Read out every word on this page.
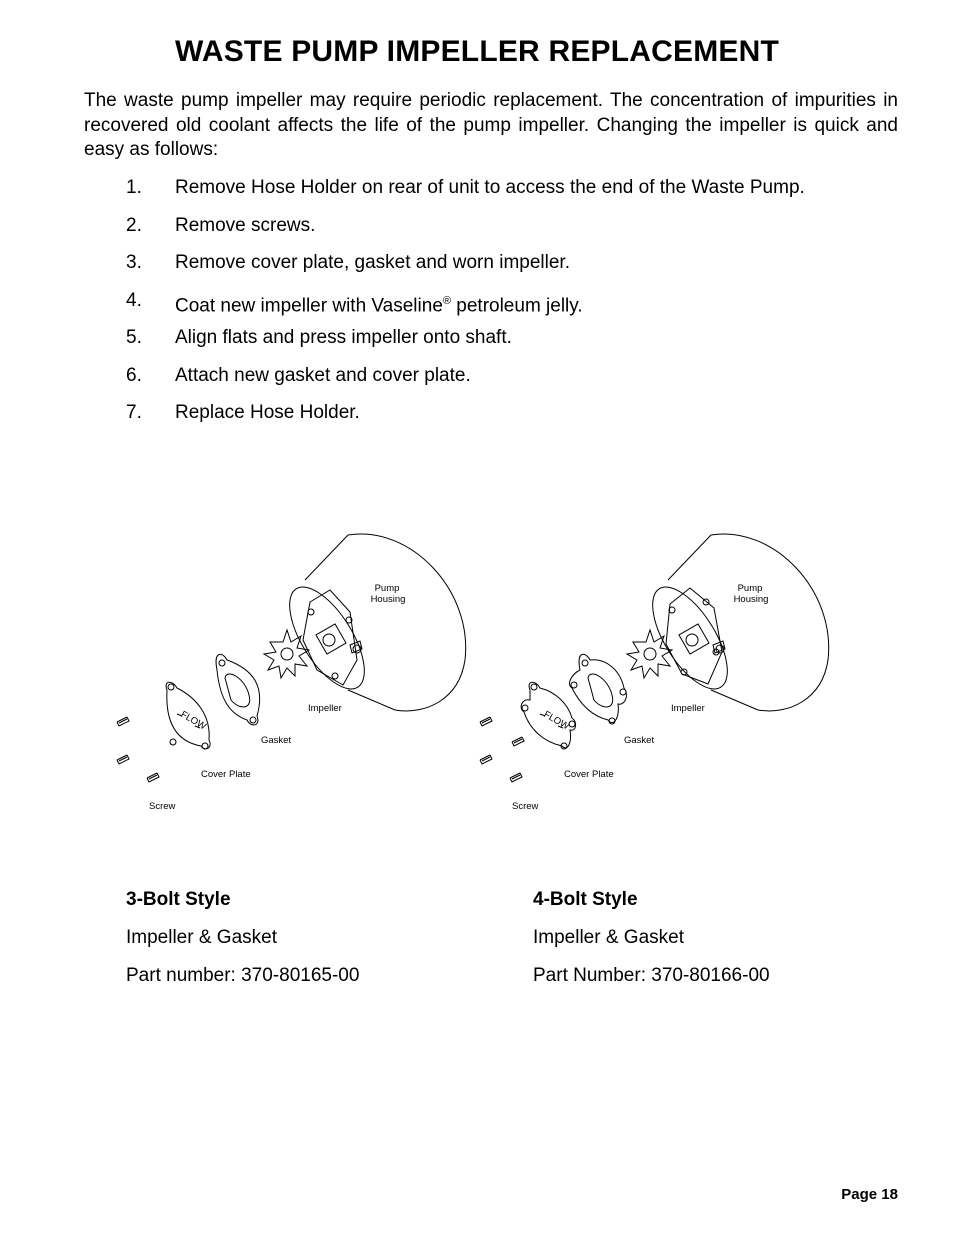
WASTE PUMP IMPELLER REPLACEMENT
The waste pump impeller may require periodic replacement. The concentration of impurities in recovered old coolant affects the life of the pump impeller. Changing the impeller is quick and easy as follows:
1.	Remove Hose Holder on rear of unit to access the end of the Waste Pump.
2.	Remove screws.
3.	Remove cover plate, gasket and worn impeller.
4.	Coat new impeller with Vaseline® petroleum jelly.
5.	Align flats and press impeller onto shaft.
6.	Attach new gasket and cover plate.
7.	Replace Hose Holder.
Pump
Housing
Impeller
Gasket
Cover Plate
Screw
FLOW
Pump
Housing
Impeller
Gasket
Cover Plate
Screw
FLOW
3-Bolt Style
Impeller & Gasket
Part number: 370-80165-00
4-Bolt Style
Impeller & Gasket
Part Number: 370-80166-00
Page 18
